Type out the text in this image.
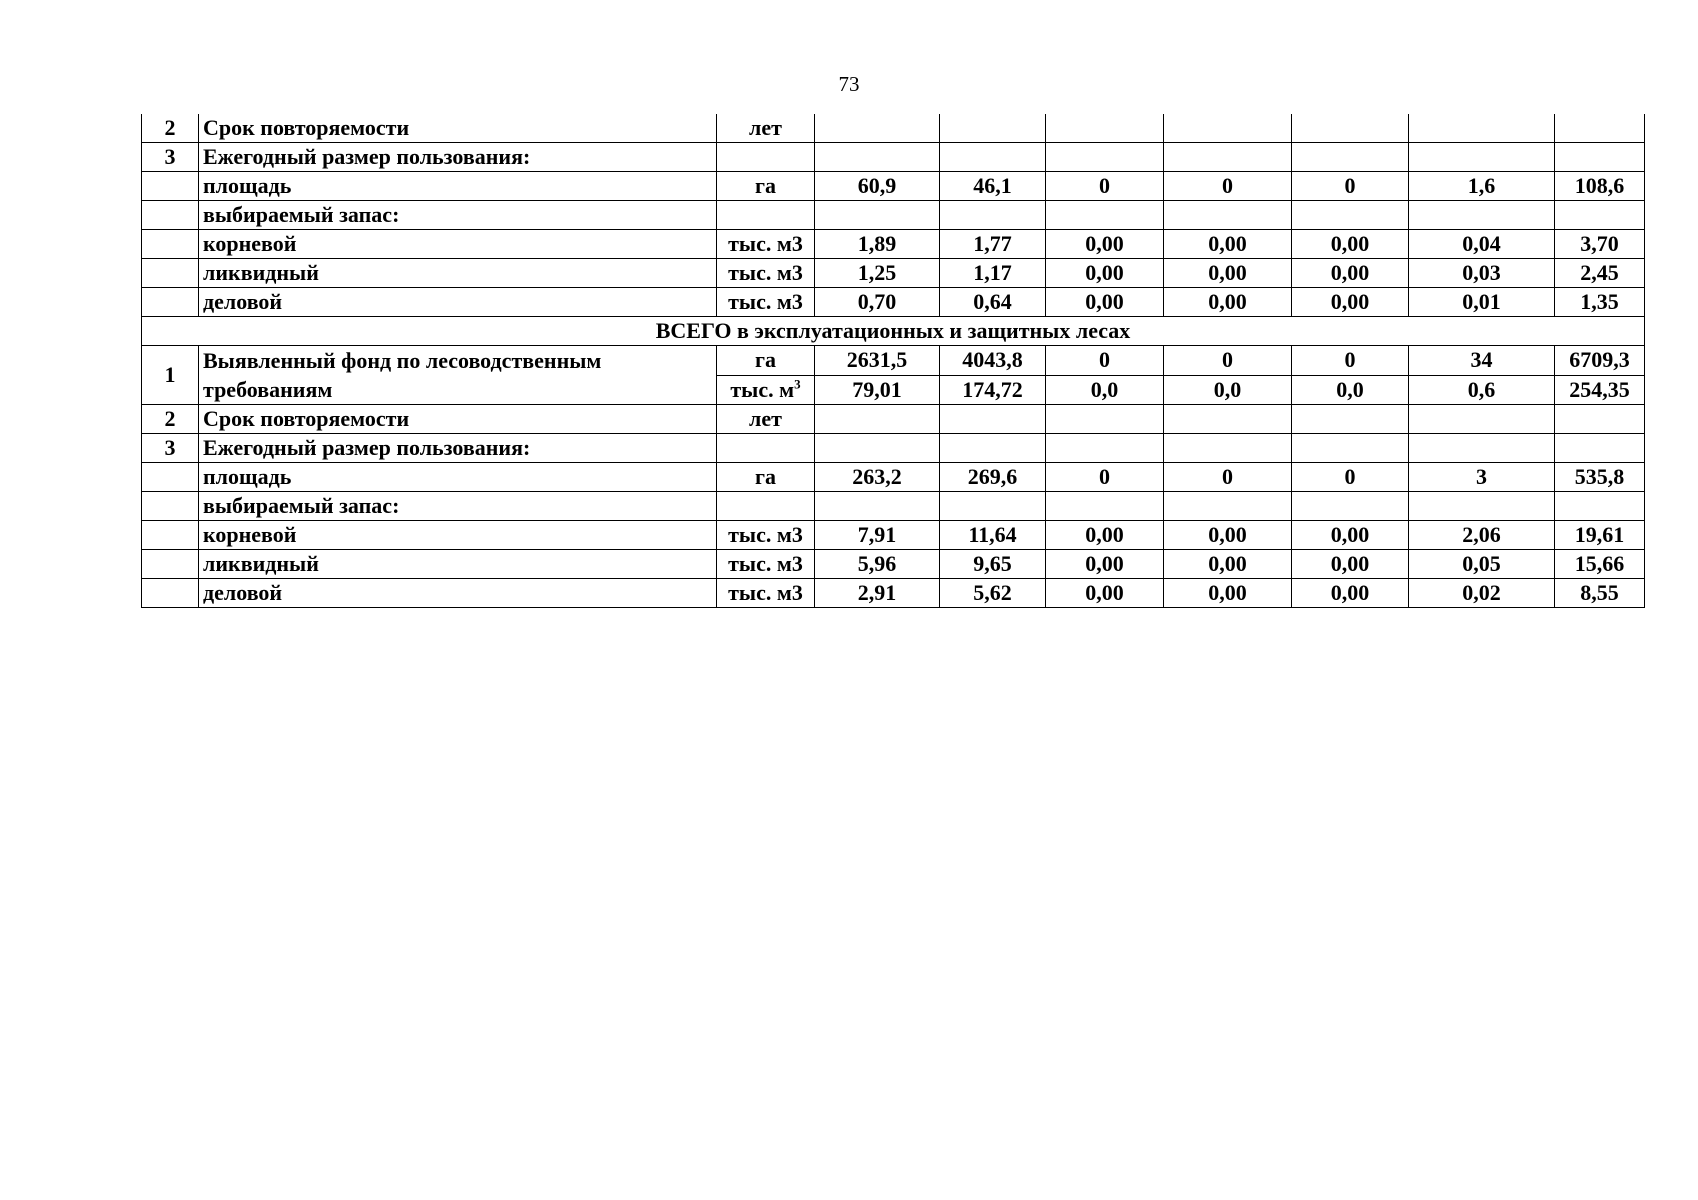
73
2	Срок повторяемости	лет							
3	Ежегодный размер пользования:								
	площадь	га	60,9	46,1	0	0	0	1,6	108,6
	выбираемый запас:								
	корневой	тыс. м3	1,89	1,77	0,00	0,00	0,00	0,04	3,70
	ликвидный	тыс. м3	1,25	1,17	0,00	0,00	0,00	0,03	2,45
	деловой	тыс. м3	0,70	0,64	0,00	0,00	0,00	0,01	1,35
ВСЕГО в эксплуатационных и защитных лесах									
1	Выявленный фонд по лесоводственным требованиям	га	2631,5	4043,8	0	0	0	34	6709,3
		тыс. $м^3$	79,01	174,72	0,0	0,0	0,0	0,6	254,35
2	Срок повторяемости	лет							
3	Ежегодный размер пользования:								
	площадь	га	263,2	269,6	0	0	0	3	535,8
	выбираемый запас:								
	корневой	тыс. м3	7,91	11,64	0,00	0,00	0,00	2,06	19,61
	ликвидный	тыс. м3	5,96	9,65	0,00	0,00	0,00	0,05	15,66
	деловой	тыс. м3	2,91	5,62	0,00	0,00	0,00	0,02	8,55
